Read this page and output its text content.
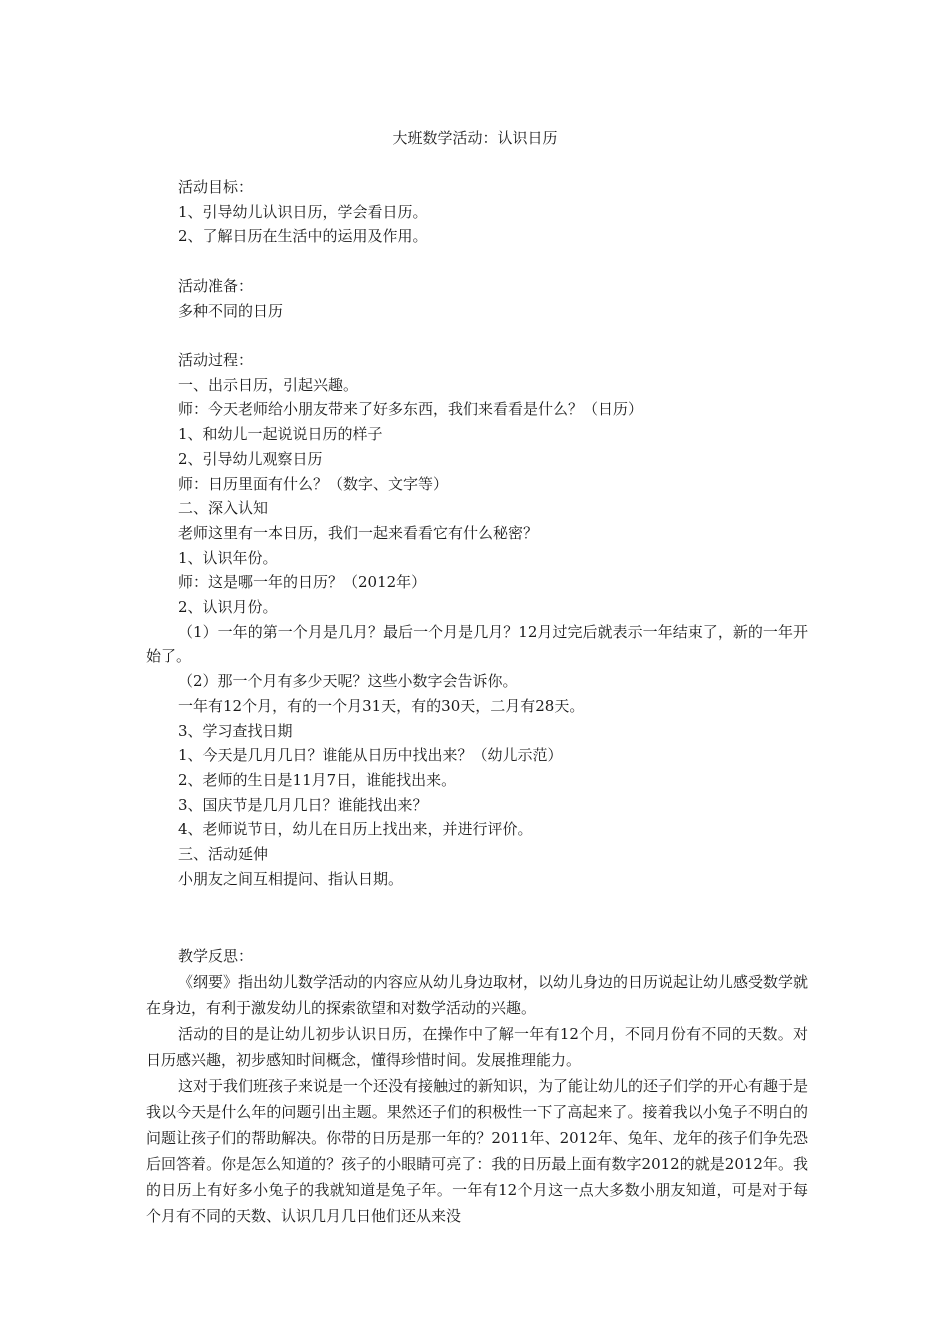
大班数学活动：认识日历

活动目标：

1、引导幼儿认识日历，学会看日历。

2、了解日历在生活中的运用及作用。

活动准备：

多种不同的日历

活动过程：

一、出示日历，引起兴趣。

师：今天老师给小朋友带来了好多东西，我们来看看是什么？（日历）

1、和幼儿一起说说日历的样子

2、引导幼儿观察日历

师：日历里面有什么？（数字、文字等）

二、深入认知

老师这里有一本日历，我们一起来看看它有什么秘密？

1、认识年份。

师：这是哪一年的日历？（2012年）

2、认识月份。

（1）一年的第一个月是几月？最后一个月是几月？12月过完后就表示一年结束了，新的一年开始了。

（2）那一个月有多少天呢？这些小数字会告诉你。

一年有12个月，有的一个月31天，有的30天，二月有28天。

3、学习查找日期

1、今天是几月几日？谁能从日历中找出来？（幼儿示范）

2、老师的生日是11月7日，谁能找出来。

3、国庆节是几月几日？谁能找出来？

4、老师说节日，幼儿在日历上找出来，并进行评价。

三、活动延伸

小朋友之间互相提问、指认日期。

教学反思：

《纲要》指出幼儿数学活动的内容应从幼儿身边取材，以幼儿身边的日历说起让幼儿感受数学就在身边，有利于激发幼儿的探索欲望和对数学活动的兴趣。

活动的目的是让幼儿初步认识日历，在操作中了解一年有12个月，不同月份有不同的天数。对日历感兴趣，初步感知时间概念，懂得珍惜时间。发展推理能力。

这对于我们班孩子来说是一个还没有接触过的新知识，为了能让幼儿的还子们学的开心有趣于是我以今天是什么年的问题引出主题。果然还子们的积极性一下了高起来了。接着我以小兔子不明白的问题让孩子们的帮助解决。你带的日历是那一年的？2011年、2012年、兔年、龙年的孩子们争先恐后回答着。你是怎么知道的？孩子的小眼睛可亮了：我的日历最上面有数字2012的就是2012年。我的日历上有好多小兔子的我就知道是兔子年。一年有12个月这一点大多数小朋友知道，可是对于每个月有不同的天数、认识几月几日他们还从来没
